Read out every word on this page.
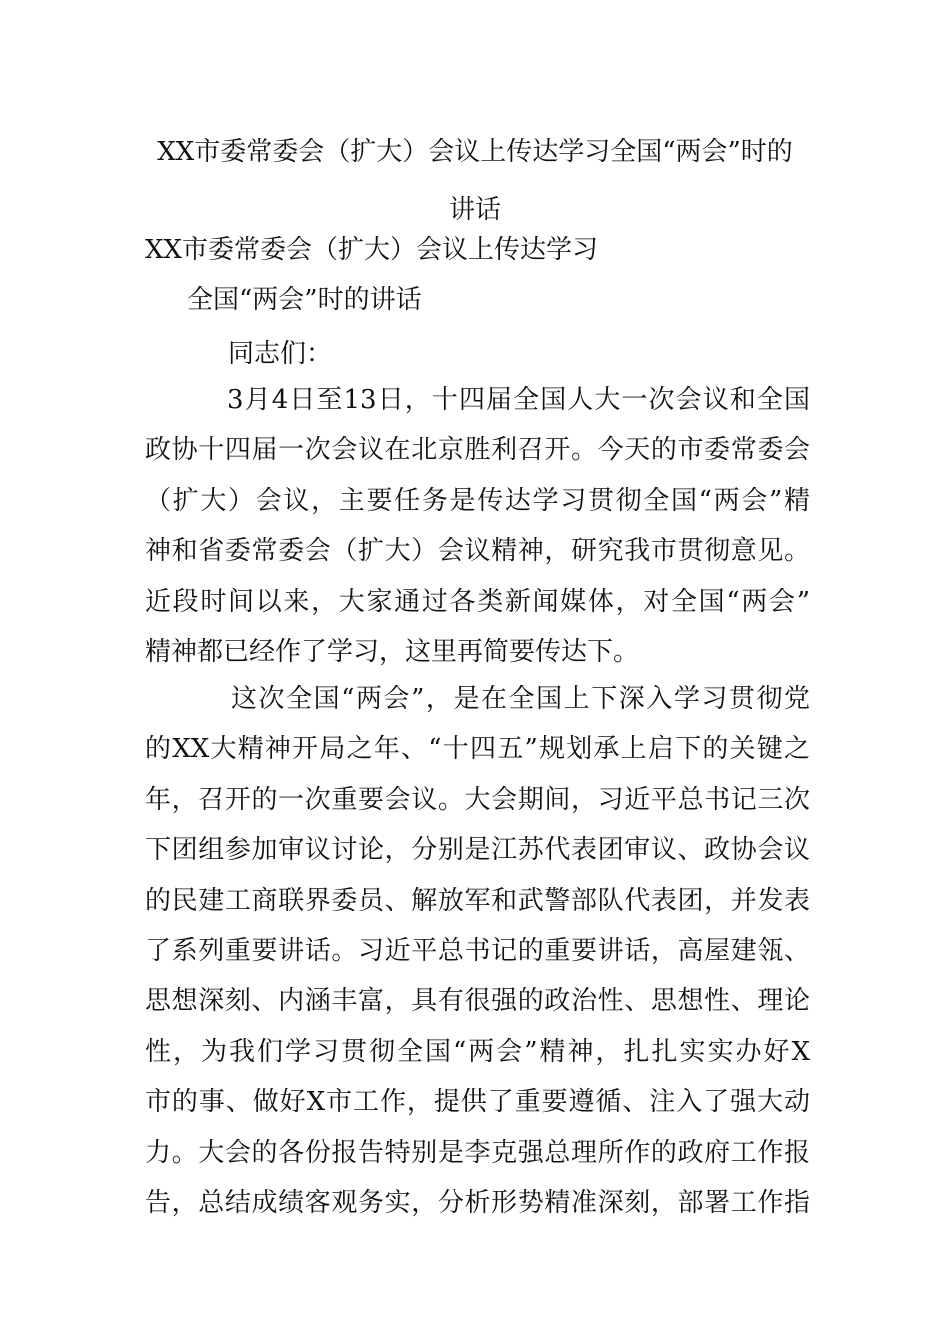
XX市委常委会（扩大）会议上传达学习全国“两会”时的
讲话
XX市委常委会（扩大）会议上传达学习
全国“两会”时的讲话
同志们：
3月4日至13日，十四届全国人大一次会议和全国
政协十四届一次会议在北京胜利召开。今天的市委常委会
（扩大）会议，主要任务是传达学习贯彻全国“两会”精
神和省委常委会（扩大）会议精神，研究我市贯彻意见。
近段时间以来，大家通过各类新闻媒体，对全国“两会”
精神都已经作了学习，这里再简要传达下。
这次全国“两会”，是在全国上下深入学习贯彻党
的XX大精神开局之年、“十四五”规划承上启下的关键之
年，召开的一次重要会议。大会期间，习近平总书记三次
下团组参加审议讨论，分别是江苏代表团审议、政协会议
的民建工商联界委员、解放军和武警部队代表团，并发表
了系列重要讲话。习近平总书记的重要讲话，高屋建瓴、
思想深刻、内涵丰富，具有很强的政治性、思想性、理论
性，为我们学习贯彻全国“两会”精神，扎扎实实办好X
市的事、做好X市工作，提供了重要遵循、注入了强大动
力。大会的各份报告特别是李克强总理所作的政府工作报
告，总结成绩客观务实，分析形势精准深刻，部署工作指
